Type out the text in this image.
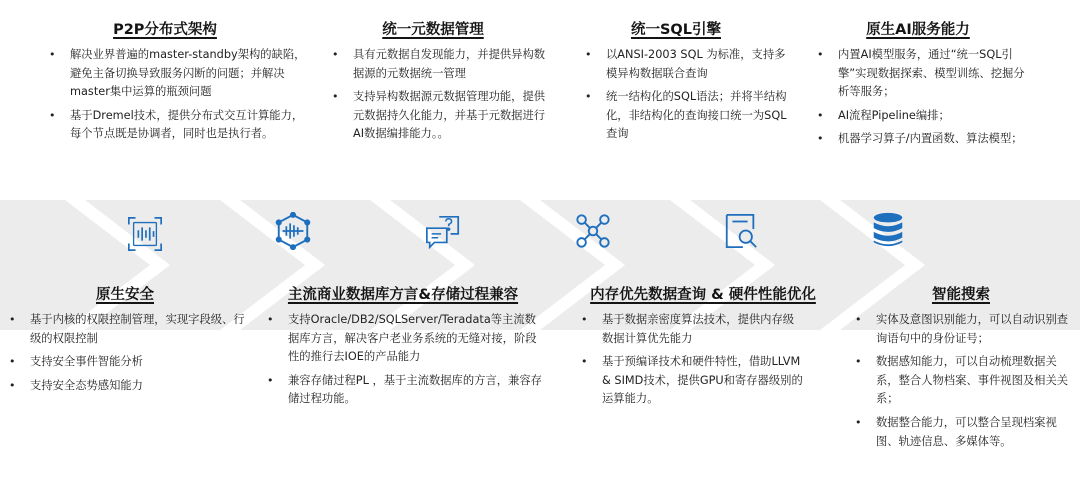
P2P分布式架构
• 解决业界普遍的master-standby架构的缺陷，避免主备切换导致服务闪断的问题；并解决master集中运算的瓶颈问题
• 基于Dremel技术，提供分布式交互计算能力，每个节点既是协调者，同时也是执行者。
统一元数据管理
• 具有元数据自发现能力，并提供异构数据源的元数据统一管理
• 支持异构数据源元数据管理功能，提供元数据持久化能力，并基于元数据进行AI数据编排能力。。
统一SQL引擎
• 以ANSI-2003 SQL 为标准，支持多模异构数据联合查询
• 统一结构化的SQL语法；并将半结构化，非结构化的查询接口统一为SQL查询
原生AI服务能力
• 内置AI模型服务，通过“统一SQL引擎”实现数据探索、模型训练、挖掘分析等服务；
• AI流程Pipeline编排；
• 机器学习算子/内置函数、算法模型；
原生安全
• 基于内核的权限控制管理，实现字段级、行级的权限控制
• 支持安全事件智能分析
• 支持安全态势感知能力
主流商业数据库方言&存储过程兼容
• 支持Oracle/DB2/SQLServer/Teradata等主流数据库方言，解决客户老业务系统的无缝对接，阶段性的推行去IOE的产品能力
• 兼容存储过程PL ，基于主流数据库的方言，兼容存储过程功能。
内存优先数据查询 & 硬件性能优化
• 基于数据亲密度算法技术，提供内存级数据计算优先能力
• 基于预编译技术和硬件特性，借助LLVM & SIMD技术，提供GPU和寄存器级别的运算能力。
智能搜索
• 实体及意图识别能力，可以自动识别查询语句中的身份证号；
• 数据感知能力，可以自动梳理数据关系，整合人物档案、事件视图及相关关系；
• 数据整合能力，可以整合呈现档案视图、轨迹信息、多媒体等。
